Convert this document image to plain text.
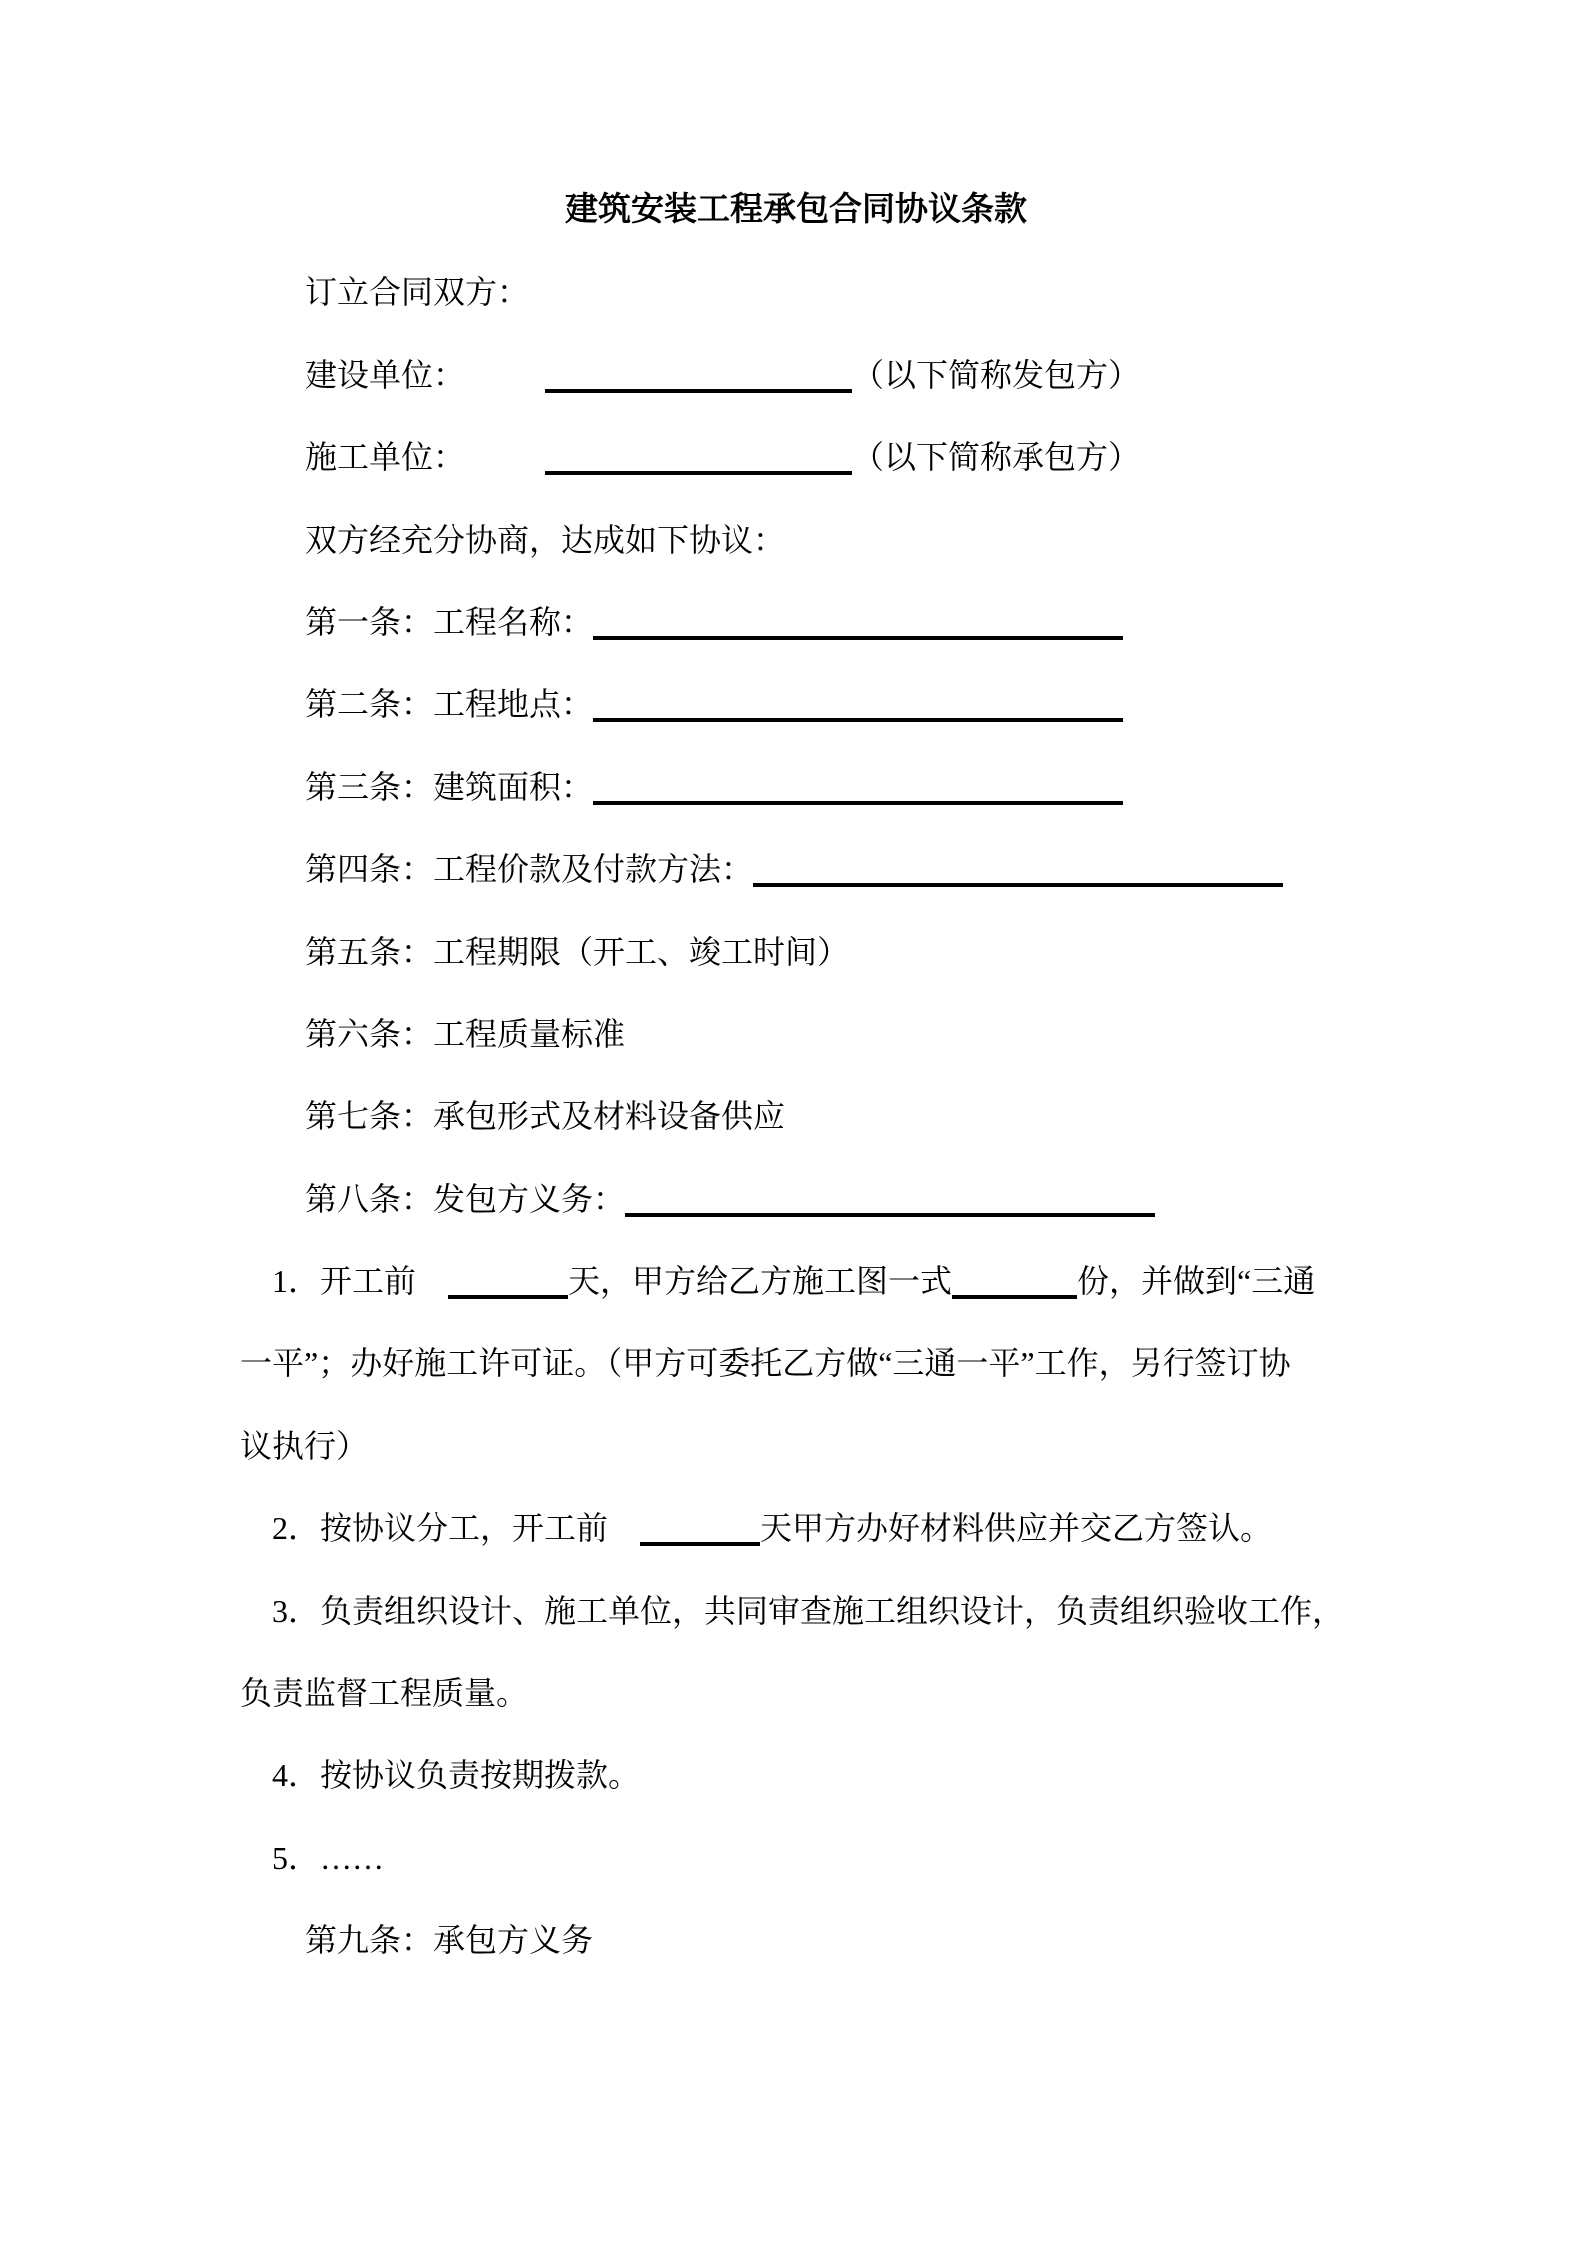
建筑安装工程承包合同协议条款
订立合同双方：
建设单位：　　　	（以下简称发包方）
施工单位：　　　	（以下简称承包方）
双方经充分协商，达成如下协议：
第一条：工程名称：
第二条：工程地点：
第三条：建筑面积：
第四条：工程价款及付款方法：
第五条：工程期限（开工、竣工时间）
第六条：工程质量标准
第七条：承包形式及材料设备供应
第八条：发包方义务：
1．开工前　	天，甲方给乙方施工图一式	份，并做到“三通
一平”；办好施工许可证。（甲方可委托乙方做“三通一平”工作，另行签订协
议执行）
2．按协议分工，开工前　	天甲方办好材料供应并交乙方签认。
3．负责组织设计、施工单位，共同审查施工组织设计，负责组织验收工作，
负责监督工程质量。
4．按协议负责按期拨款。
5．……
第九条：承包方义务
